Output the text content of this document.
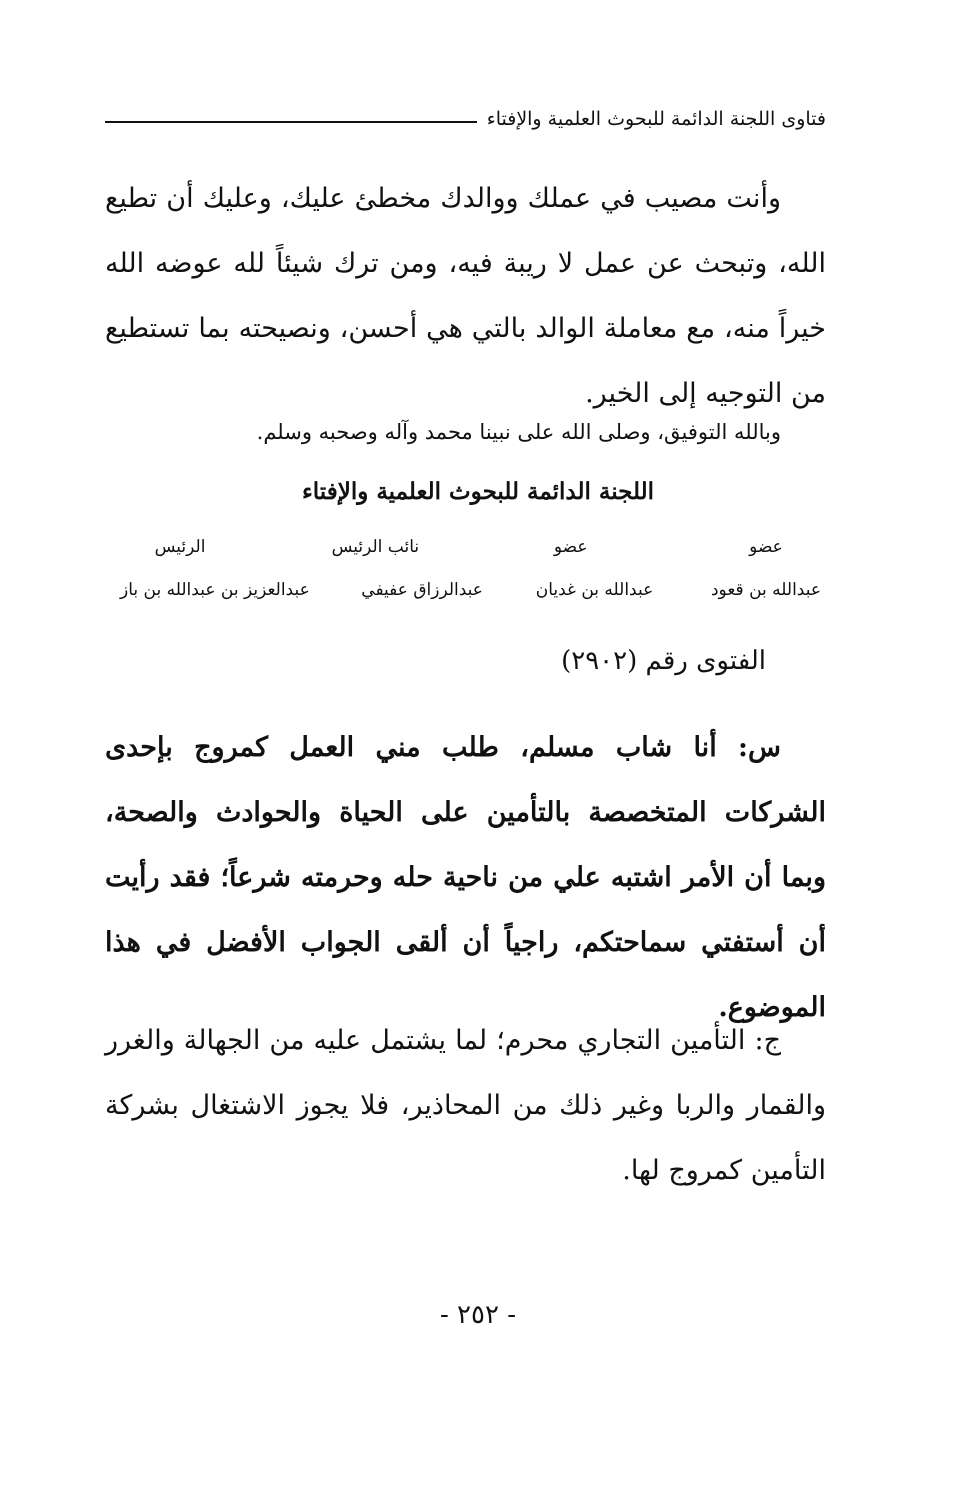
فتاوى اللجنة الدائمة للبحوث العلمية والإفتاء

وأنت مصيب في عملك ووالدك مخطئ عليك، وعليك أن تطيع الله، وتبحث عن عمل لا ريبة فيه، ومن ترك شيئاً لله عوضه الله خيراً منه، مع معاملة الوالد بالتي هي أحسن، ونصيحته بما تستطيع من التوجيه إلى الخير.

وبالله التوفيق، وصلى الله على نبينا محمد وآله وصحبه وسلم.

اللجنة الدائمة للبحوث العلمية والإفتاء

عضو
عضو
نائب الرئيس
الرئيس
عبدالله بن قعود
عبدالله بن غديان
عبدالرزاق عفيفي
عبدالعزيز بن عبدالله بن باز

الفتوى رقم (٢٩٠٢)

س: أنا شاب مسلم، طلب مني العمل كمروج بإحدى الشركات المتخصصة بالتأمين على الحياة والحوادث والصحة، وبما أن الأمر اشتبه علي من ناحية حله وحرمته شرعاً؛ فقد رأيت أن أستفتي سماحتكم، راجياً أن ألقى الجواب الأفضل في هذا الموضوع.

ج: التأمين التجاري محرم؛ لما يشتمل عليه من الجهالة والغرر والقمار والربا وغير ذلك من المحاذير، فلا يجوز الاشتغال بشركة التأمين كمروج لها.

- ٢٥٢ -
